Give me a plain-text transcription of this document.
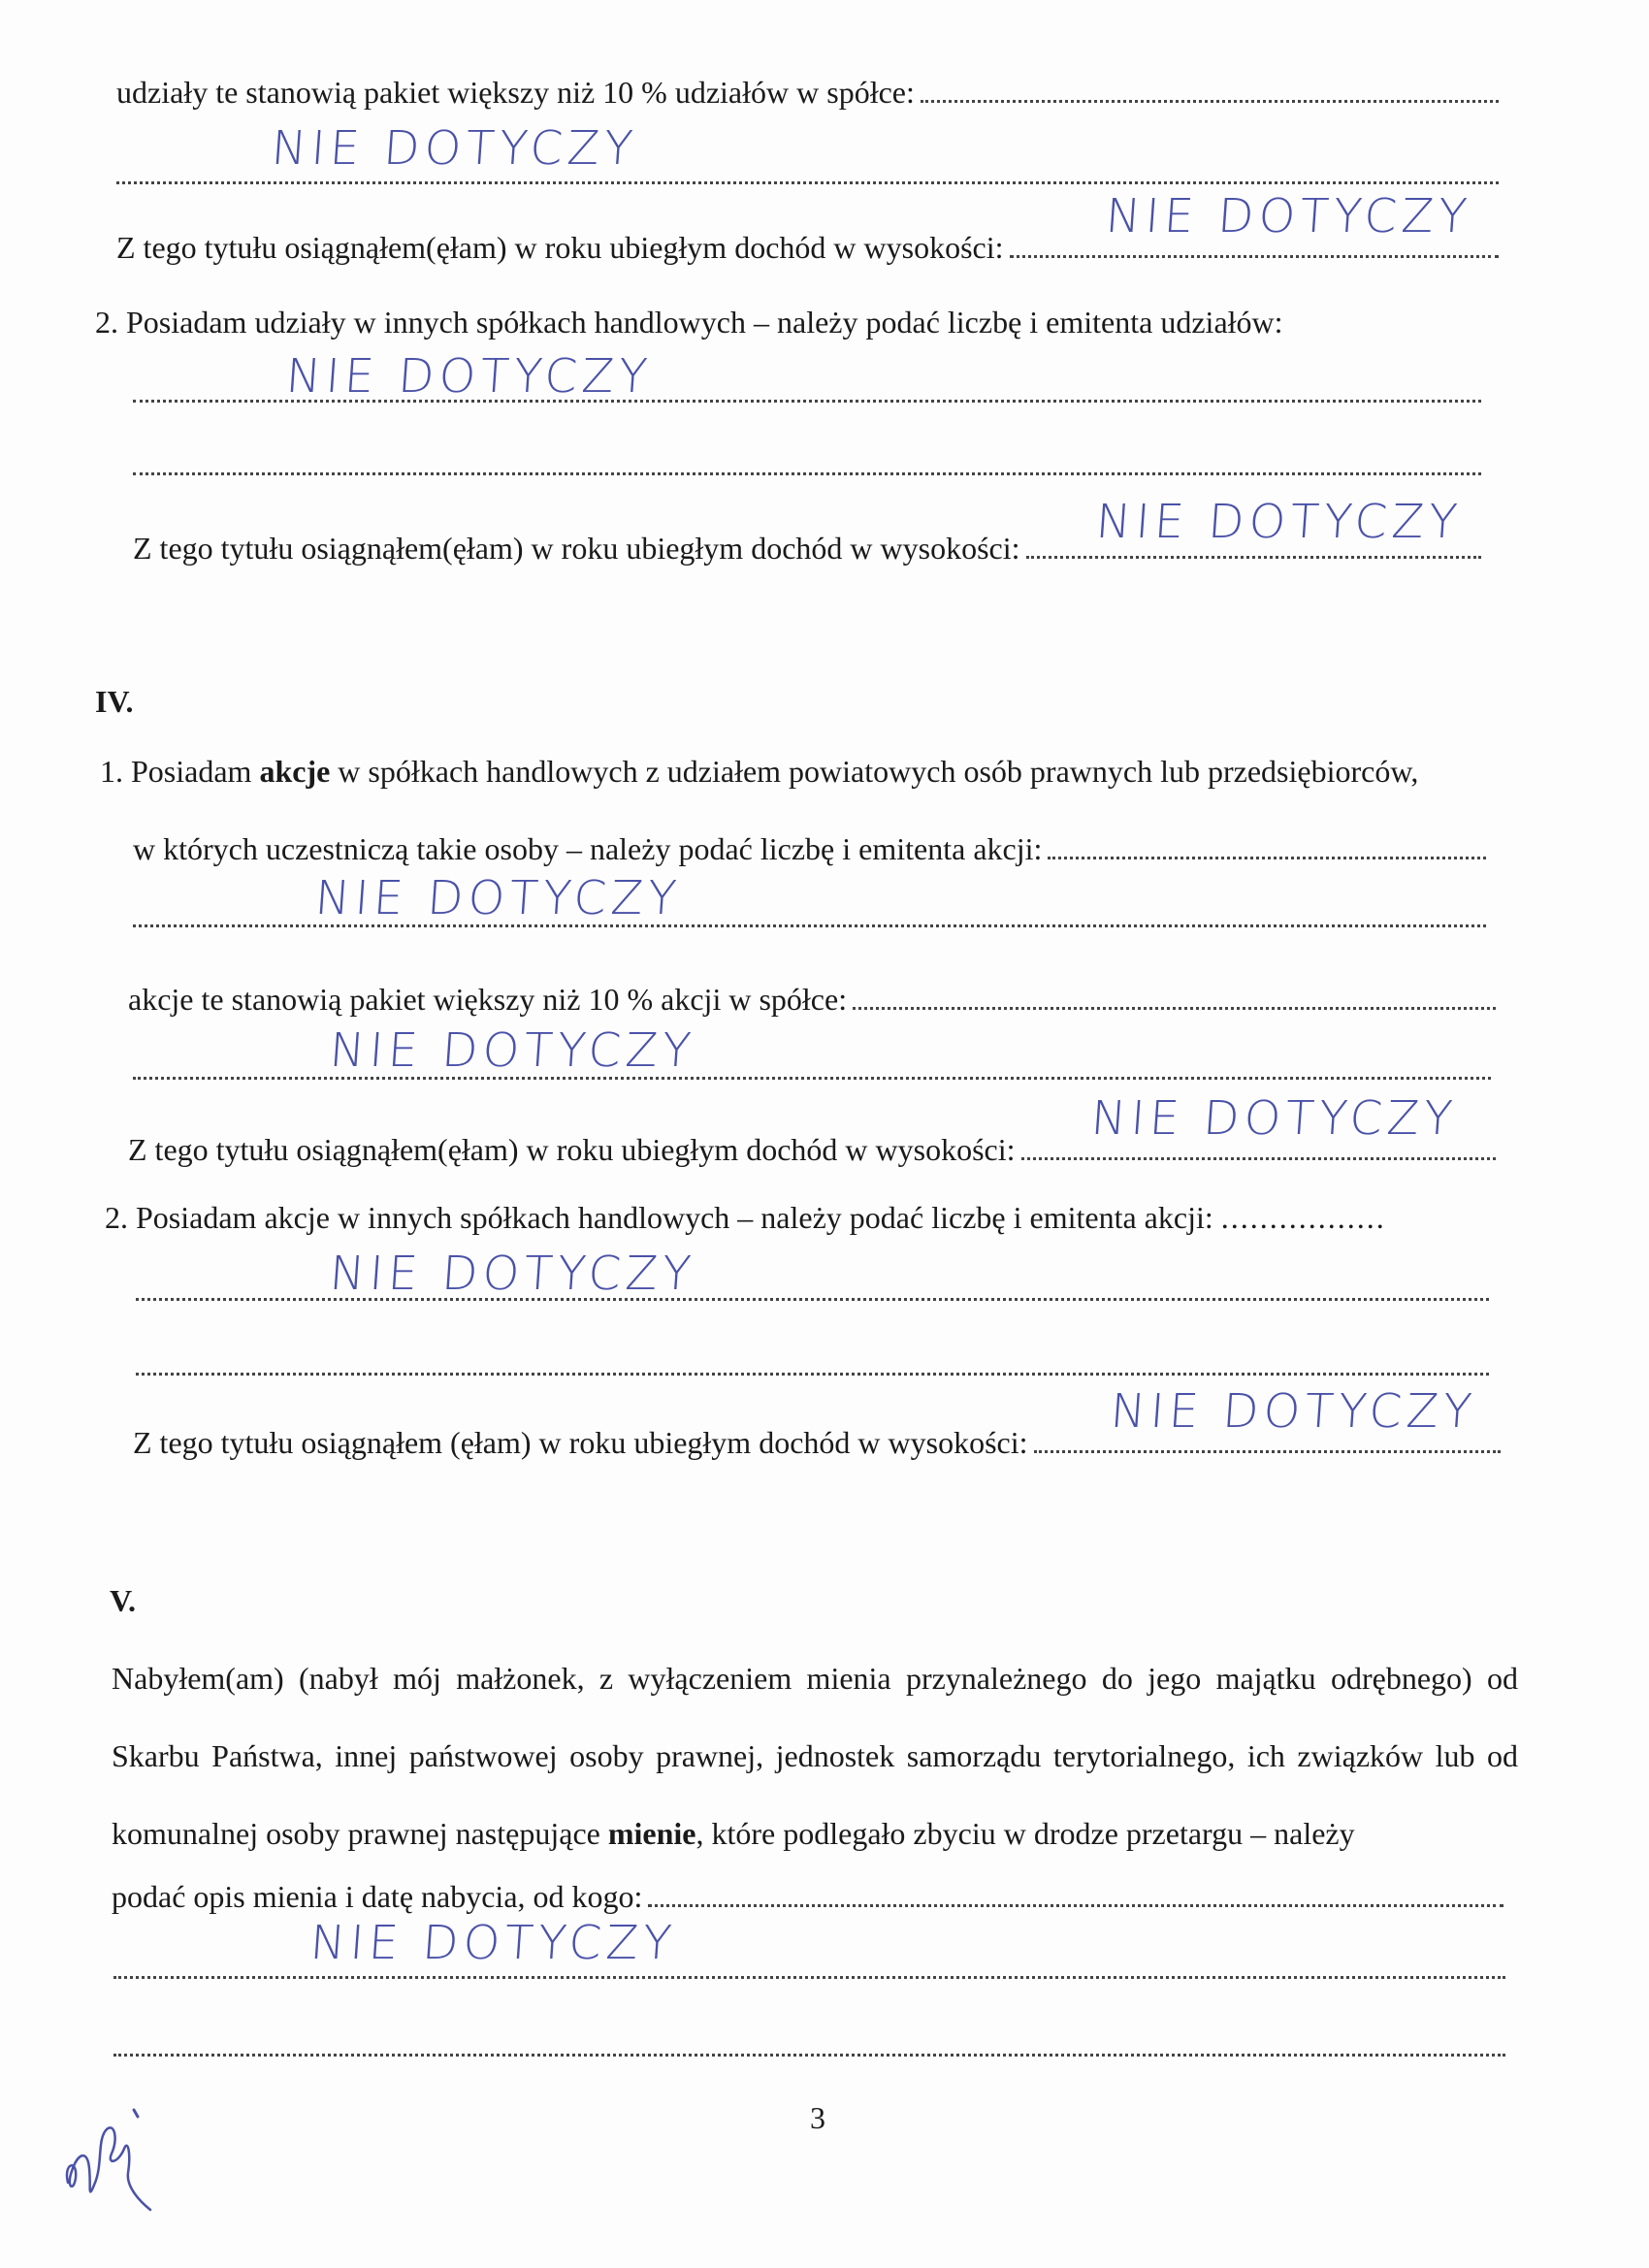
udziały te stanowią pakiet większy niż 10 % udziałów w spółce:
NIE DOTYCZY
Z tego tytułu osiągnąłem(ęłam) w roku ubiegłym dochód w wysokości:
NIE DOTYCZY
2. Posiadam udziały w innych spółkach handlowych – należy podać liczbę i emitenta udziałów:
NIE DOTYCZY
Z tego tytułu osiągnąłem(ęłam) w roku ubiegłym dochód w wysokości: NIE DOTYCZY
IV.
1. Posiadam akcje w spółkach handlowych z udziałem powiatowych osób prawnych lub przedsiębiorców,
w których uczestniczą takie osoby – należy podać liczbę i emitenta akcji:
NIE DOTYCZY
akcje te stanowią pakiet większy niż 10 % akcji w spółce:
NIE DOTYCZY
Z tego tytułu osiągnąłem(ęłam) w roku ubiegłym dochód w wysokości:
NIE DOTYCZY
2. Posiadam akcje w innych spółkach handlowych – należy podać liczbę i emitenta akcji: .................
NIE DOTYCZY
Z tego tytułu osiągnąłem (ęłam) w roku ubiegłym dochód w wysokości:
NIE DOTYCZY
V.
Nabyłem(am) (nabył mój małżonek, z wyłączeniem mienia przynależnego do jego majątku odrębnego) od Skarbu Państwa, innej państwowej osoby prawnej, jednostek samorządu terytorialnego, ich związków lub od komunalnej osoby prawnej następujące mienie, które podlegało zbyciu w drodze przetargu – należy
podać opis mienia i datę nabycia, od kogo:
NIE DOTYCZY
3
